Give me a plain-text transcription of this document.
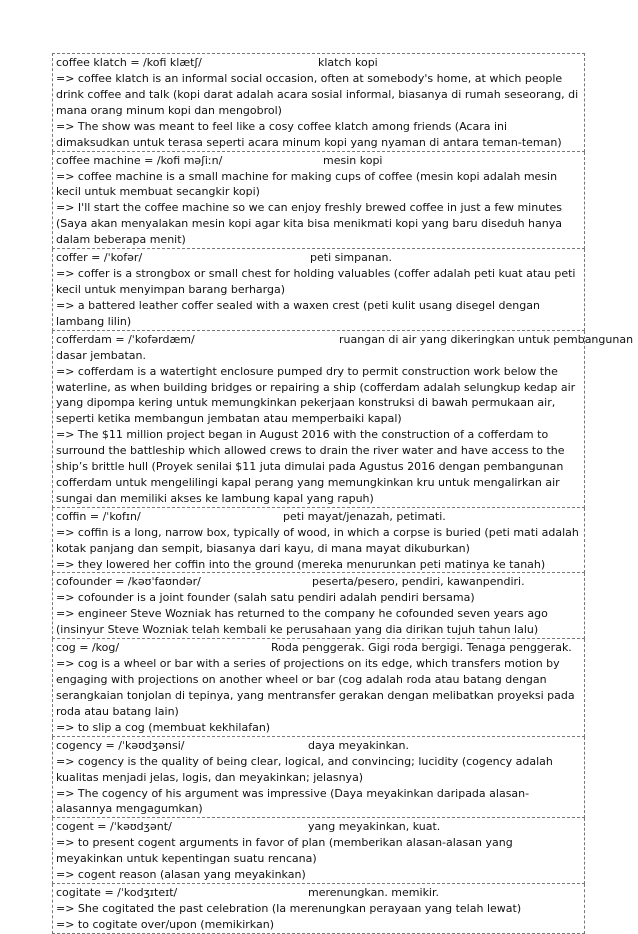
coffee klatch = /kofi klætʃ/	klatch kopi
=> coffee klatch is an informal social occasion, often at somebody's home, at which people drink coffee and talk (kopi darat adalah acara sosial informal, biasanya di rumah seseorang, di mana orang minum kopi dan mengobrol)
=> The show was meant to feel like a cosy coffee klatch among friends (Acara ini dimaksudkan untuk terasa seperti acara minum kopi yang nyaman di antara teman-teman)
coffee machine = /kofi məʃiːn/	mesin kopi
=> coffee machine is a small machine for making cups of coffee (mesin kopi adalah mesin kecil untuk membuat secangkir kopi)
=> I'll start the coffee machine so we can enjoy freshly brewed coffee in just a few minutes (Saya akan menyalakan mesin kopi agar kita bisa menikmati kopi yang baru diseduh hanya dalam beberapa menit)
coffer = /ˈkofər/	peti simpanan.
=> coffer is a strongbox or small chest for holding valuables (coffer adalah peti kuat atau peti kecil untuk menyimpan barang berharga)
=> a battered leather coffer sealed with a waxen crest (peti kulit usang disegel dengan lambang lilin)
cofferdam = /ˈkofərdæm/	ruangan di air yang dikeringkan untuk pembangunan
dasar jembatan.
=> cofferdam is a watertight enclosure pumped dry to permit construction work below the waterline, as when building bridges or repairing a ship (cofferdam adalah selungkup kedap air yang dipompa kering untuk memungkinkan pekerjaan konstruksi di bawah permukaan air, seperti ketika membangun jembatan atau memperbaiki kapal)
=> The $11 million project began in August 2016 with the construction of a cofferdam to surround the battleship which allowed crews to drain the river water and have access to the ship’s brittle hull (Proyek senilai $11 juta dimulai pada Agustus 2016 dengan pembangunan cofferdam untuk mengelilingi kapal perang yang memungkinkan kru untuk mengalirkan air sungai dan memiliki akses ke lambung kapal yang rapuh)
coffin = /ˈkofɪn/	peti mayat/jenazah, petimati.
=> coffin is a long, narrow box, typically of wood, in which a corpse is buried (peti mati adalah kotak panjang dan sempit, biasanya dari kayu, di mana mayat dikuburkan)
=> they lowered her coffin into the ground (mereka menurunkan peti matinya ke tanah)
cofounder = /kəʊˈfaʊndər/	peserta/pesero, pendiri, kawanpendiri.
=> cofounder is a joint founder (salah satu pendiri adalah pendiri bersama)
=> engineer Steve Wozniak has returned to the company he cofounded seven years ago (insinyur Steve Wozniak telah kembali ke perusahaan yang dia dirikan tujuh tahun lalu)
cog = /kog/	Roda penggerak. Gigi roda bergigi. Tenaga penggerak.
=> cog is a wheel or bar with a series of projections on its edge, which transfers motion by engaging with projections on another wheel or bar (cog adalah roda atau batang dengan serangkaian tonjolan di tepinya, yang mentransfer gerakan dengan melibatkan proyeksi pada roda atau batang lain)
=> to slip a cog (membuat kekhilafan)
cogency = /ˈkəʊdʒənsi/	daya meyakinkan.
=> cogency is the quality of being clear, logical, and convincing; lucidity (cogency adalah kualitas menjadi jelas, logis, dan meyakinkan; jelasnya)
=> The cogency of his argument was impressive (Daya meyakinkan daripada alasan-alasannya mengagumkan)
cogent = /ˈkəʊdʒənt/	yang meyakinkan, kuat.
=> to present cogent arguments in favor of plan (memberikan alasan-alasan yang meyakinkan untuk kepentingan suatu rencana)
=> cogent reason (alasan yang meyakinkan)
cogitate = /ˈkodʒɪteɪt/	merenungkan. memikir.
=> She cogitated the past celebration (Ia merenungkan perayaan yang telah lewat)
=> to cogitate over/upon (memikirkan)
